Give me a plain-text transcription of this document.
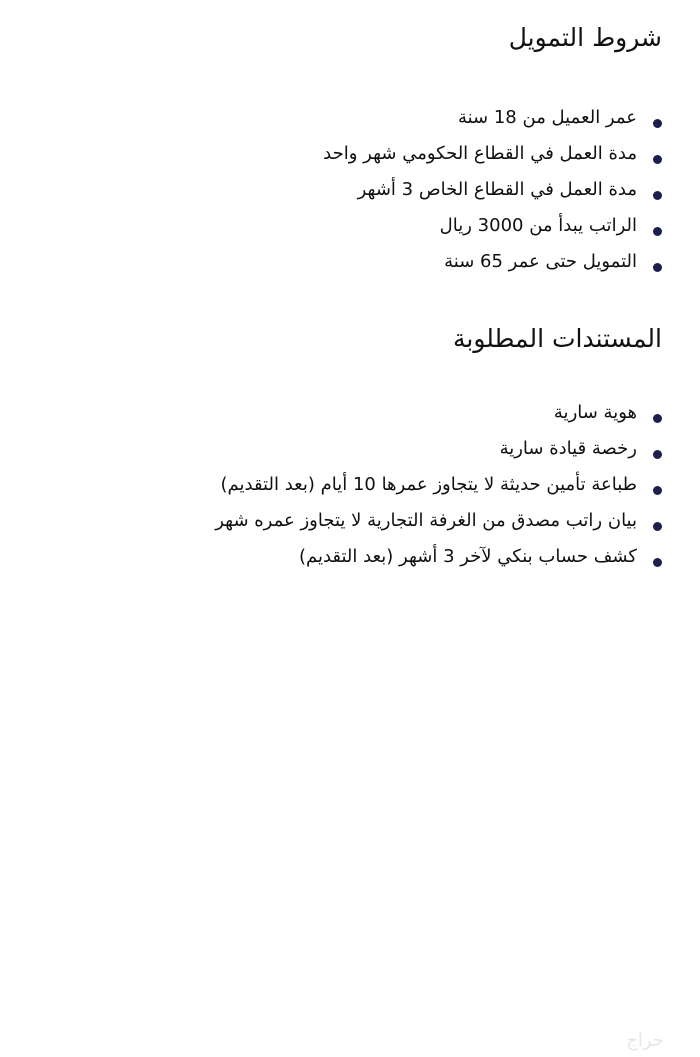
شروط التمويل
عمر العميل من 18 سنة
مدة العمل في القطاع الحكومي شهر واحد
مدة العمل في القطاع الخاص 3 أشهر
الراتب يبدأ من 3000 ريال
التمويل حتى عمر 65 سنة
المستندات المطلوبة
هوية سارية
رخصة قيادة سارية
طباعة تأمين حديثة لا يتجاوز عمرها 10 أيام (بعد التقديم)
بيان راتب مصدق من الغرفة التجارية لا يتجاوز عمره شهر
كشف حساب بنكي لآخر 3 أشهر (بعد التقديم)
حراج
